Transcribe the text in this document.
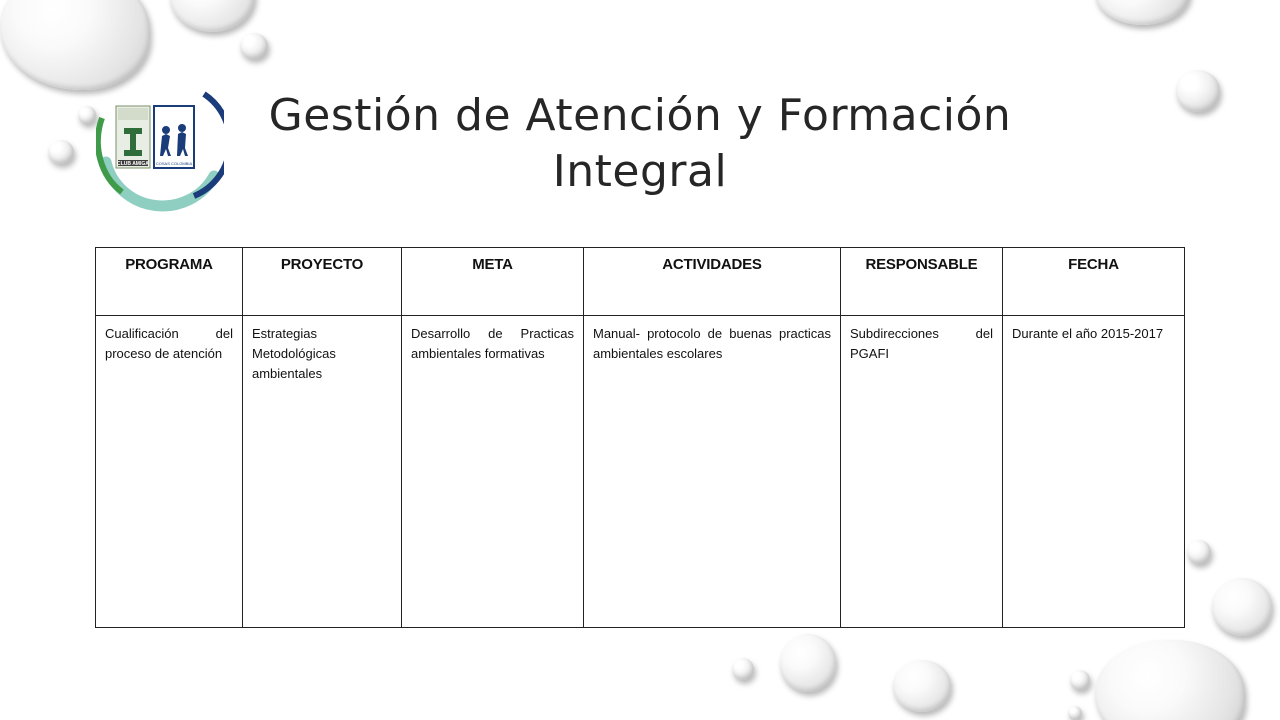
CLUB AMIGA COSAS COLOMBIA
Gestión de Atención y Formación Integral
PROGRAMA	PROYECTO	META	ACTIVIDADES	RESPONSABLE	FECHA
Cualificación del proceso de atención	Estrategias Metodológicas ambientales	Desarrollo de Practicas ambientales formativas	Manual- protocolo de buenas practicas ambientales escolares	Subdirecciones del PGAFI	Durante el año 2015-2017
